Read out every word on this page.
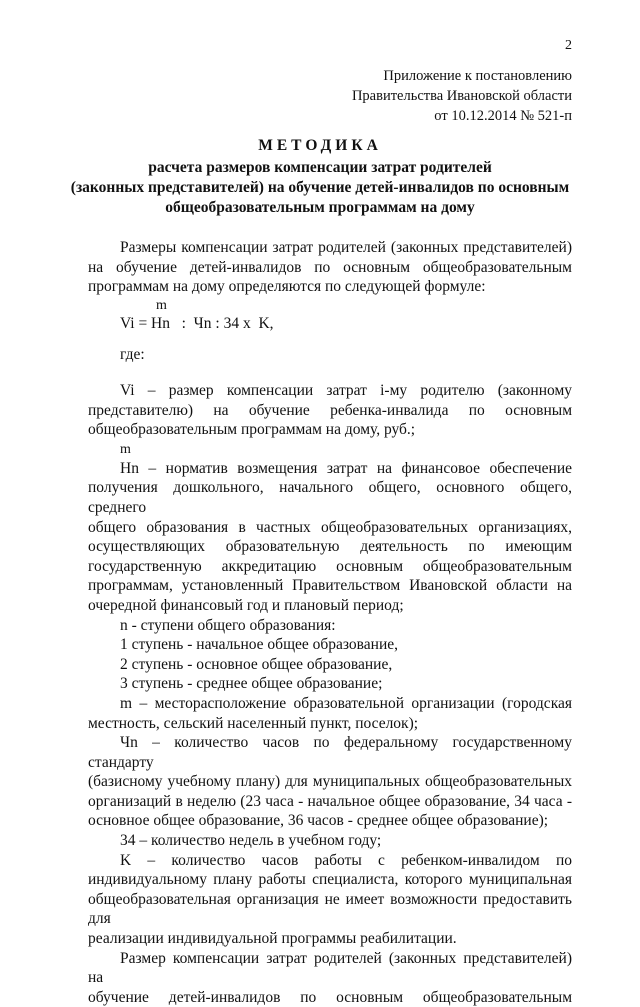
2
Приложение к постановлению
Правительства Ивановской области
от 10.12.2014 № 521-п
МЕТОДИКА
расчета размеров компенсации затрат родителей
(законных представителей) на обучение детей-инвалидов по основным
общеобразовательным программам на дому
Размеры компенсации затрат родителей (законных представителей)
на обучение детей-инвалидов по основным общеобразовательным
программам на дому определяются по следующей формуле:
m
Vi = Hn   :  Чn : 34 x  K,
где:
Vi – размер компенсации затрат i-му родителю (законному
представителю) на обучение ребенка-инвалида по основным
общеобразовательным программам на дому, руб.;
m
Hn – норматив возмещения затрат на финансовое обеспечение
получения дошкольного, начального общего, основного общего, среднего
общего образования в частных общеобразовательных организациях,
осуществляющих образовательную деятельность по имеющим
государственную аккредитацию основным общеобразовательным
программам, установленный Правительством Ивановской области на
очередной финансовый год и плановый период;
n - ступени общего образования:
1 ступень - начальное общее образование,
2 ступень - основное общее образование,
3 ступень - среднее общее образование;
m – месторасположение образовательной организации (городская
местность, сельский населенный пункт, поселок);
Чn – количество часов по федеральному государственному стандарту
(базисному учебному плану) для муниципальных общеобразовательных
организаций в неделю (23 часа - начальное общее образование, 34 часа -
основное общее образование, 36 часов - среднее общее образование);
34 – количество недель в учебном году;
K – количество часов работы с ребенком-инвалидом по
индивидуальному плану работы специалиста, которого муниципальная
общеобразовательная организация не имеет возможности предоставить для
реализации индивидуальной программы реабилитации.
Размер компенсации затрат родителей (законных представителей) на
обучение детей-инвалидов по основным общеобразовательным
